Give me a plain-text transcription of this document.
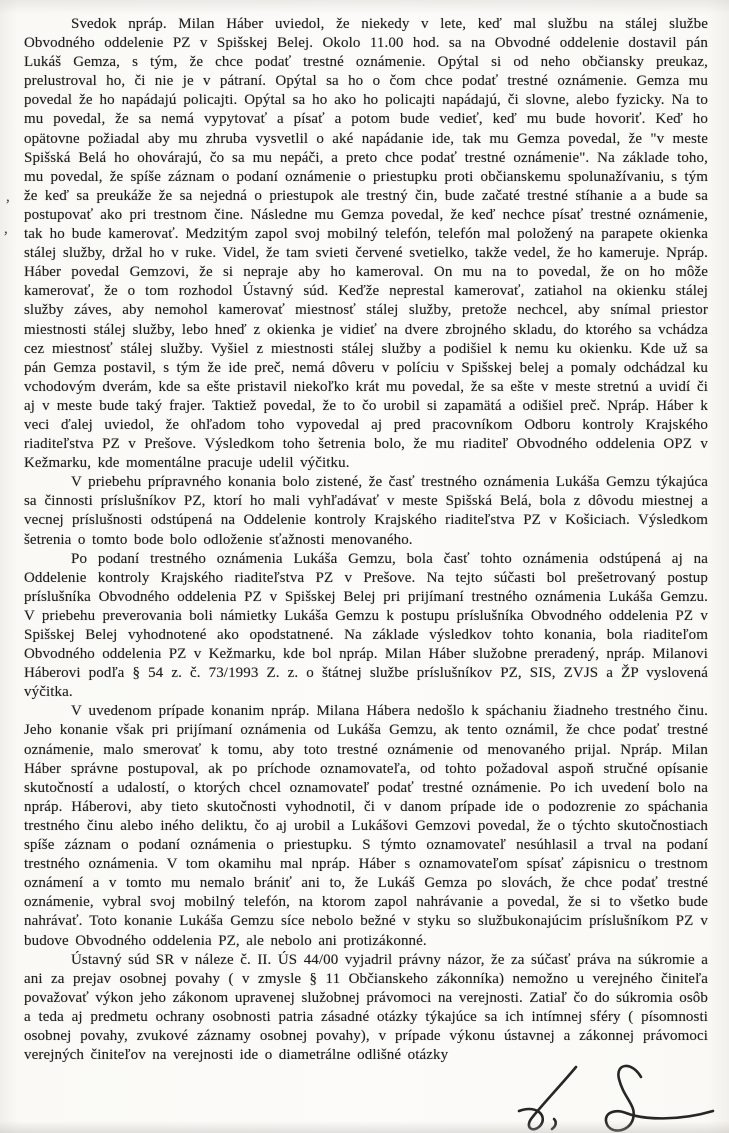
Svedok npráp. Milan Háber uviedol, že niekedy v lete, keď mal službu na stálej službe Obvodného oddelenie PZ v Spišskej Belej. Okolo 11.00 hod. sa na Obvodné oddelenie dostavil pán Lukáš Gemza, s tým, že chce podať trestné oznámenie. Opýtal si od neho občiansky preukaz, prelustroval ho, či nie je v pátraní. Opýtal sa ho o čom chce podať trestné oznámenie. Gemza mu povedal že ho napádajú policajti. Opýtal sa ho ako ho policajti napádajú, či slovne, alebo fyzicky. Na to mu povedal, že sa nemá vypytovať a písať a potom bude vedieť, keď mu bude hovoriť. Keď ho opätovne požiadal aby mu zhruba vysvetlil o aké napádanie ide, tak mu Gemza povedal, že "v meste Spišská Belá ho ohovárajú, čo sa mu nepáči, a preto chce podať trestné oznámenie". Na základe toho, mu povedal, že spíše záznam o podaní oznámenie o priestupku proti občianskemu spolunažívaniu, s tým že keď sa preukáže že sa nejedná o priestupok ale trestný čin, bude začaté trestné stíhanie a a bude sa postupovať ako pri trestnom čine. Následne mu Gemza povedal, že keď nechce písať trestné oznámenie, tak ho bude kamerovať. Medzitým zapol svoj mobilný telefón, telefón mal položený na parapete okienka stálej služby, držal ho v ruke. Videl, že tam svieti červené svetielko, takže vedel, že ho kameruje. Npráp. Háber povedal Gemzovi, že si nepraje aby ho kameroval. On mu na to povedal, že on ho môže kamerovať, že o tom rozhodol Ústavný súd. Keďže neprestal kamerovať, zatiahol na okienku stálej služby záves, aby nemohol kamerovať miestnosť stálej služby, pretože nechcel, aby snímal priestor miestnosti stálej služby, lebo hneď z okienka je vidieť na dvere zbrojného skladu, do ktorého sa vchádza cez miestnosť stálej služby. Vyšiel z miestnosti stálej služby a podišiel k nemu ku okienku. Kde už sa pán Gemza postavil, s tým že ide preč, nemá dôveru v políciu v Spišskej belej a pomaly odchádzal ku vchodovým dverám, kde sa ešte pristavil niekoľko krát mu povedal, že sa ešte v meste stretnú a uvidí či aj v meste bude taký frajer. Taktiež povedal, že to čo urobil si zapamätá a odišiel preč. Npráp. Háber k veci ďalej uviedol, že ohľadom toho vypovedal aj pred pracovníkom Odboru kontroly Krajského riaditeľstva PZ v Prešove. Výsledkom toho šetrenia bolo, že mu riaditeľ Obvodného oddelenia OPZ v Kežmarku, kde momentálne pracuje udelil výčitku.

V priebehu prípravného konania bolo zistené, že časť trestného oznámenia Lukáša Gemzu týkajúca sa činnosti príslušníkov PZ, ktorí ho mali vyhľadávať v meste Spišská Belá, bola z dôvodu miestnej a vecnej príslušnosti odstúpená na Oddelenie kontroly Krajského riaditeľstva PZ v Košiciach. Výsledkom šetrenia o tomto bode bolo odloženie sťažnosti menovaného.

Po podaní trestného oznámenia Lukáša Gemzu, bola časť tohto oznámenia odstúpená aj na Oddelenie kontroly Krajského riaditeľstva PZ v Prešove. Na tejto súčasti bol prešetrovaný postup príslušníka Obvodného oddelenia PZ v Spišskej Belej pri prijímaní trestného oznámenia Lukáša Gemzu. V priebehu preverovania boli námietky Lukáša Gemzu k postupu príslušníka Obvodného oddelenia PZ v Spišskej Belej vyhodnotené ako opodstatnené. Na základe výsledkov tohto konania, bola riaditeľom Obvodného oddelenia PZ v Kežmarku, kde bol npráp. Milan Háber služobne preradený, npráp. Milanovi Háberovi podľa § 54 z. č. 73/1993 Z. z. o štátnej službe príslušníkov PZ, SIS, ZVJS a ŽP vyslovená výčitka.

V uvedenom prípade konanim npráp. Milana Hábera nedošlo k spáchaniu žiadneho trestného činu. Jeho konanie však pri prijímaní oznámenia od Lukáša Gemzu, ak tento oznámil, že chce podať trestné oznámenie, malo smerovať k tomu, aby toto trestné oznámenie od menovaného prijal. Npráp. Milan Háber správne postupoval, ak po príchode oznamovateľa, od tohto požadoval aspoň stručné opísanie skutočností a udalostí, o ktorých chcel oznamovateľ podať trestné oznámenie. Po ich uvedení bolo na npráp. Háberovi, aby tieto skutočnosti vyhodnotil, či v danom prípade ide o podozrenie zo spáchania trestného činu alebo iného deliktu, čo aj urobil a Lukášovi Gemzovi povedal, že o týchto skutočnostiach spíše záznam o podaní oznámenia o priestupku. S týmto oznamovateľ nesúhlasil a trval na podaní trestného oznámenia. V tom okamihu mal npráp. Háber s oznamovateľom spísať zápisnicu o trestnom oznámení a v tomto mu nemalo brániť ani to, že Lukáš Gemza po slovách, že chce podať trestné oznámenie, vybral svoj mobilný telefón, na ktorom zapol nahrávanie a povedal, že si to všetko bude nahrávať. Toto konanie Lukáša Gemzu síce nebolo bežné v styku so službukonajúcim príslušníkom PZ v budove Obvodného oddelenia PZ, ale nebolo ani protizákonné.

Ústavný súd SR v náleze č. II. ÚS 44/00 vyjadril právny názor, že za súčasť práva na súkromie a ani za prejav osobnej povahy ( v zmysle § 11 Občianskeho zákonníka) nemožno u verejného činiteľa považovať výkon jeho zákonom upravenej služobnej právomoci na verejnosti. Zatiaľ čo do súkromia osôb a teda aj predmetu ochrany osobnosti patria zásadné otázky týkajúce sa ich intímnej sféry ( písomnosti osobnej povahy, zvukové záznamy osobnej povahy), v prípade výkonu ústavnej a zákonnej právomoci verejných činiteľov na verejnosti ide o diametrálne odlišné otázky

,
,
